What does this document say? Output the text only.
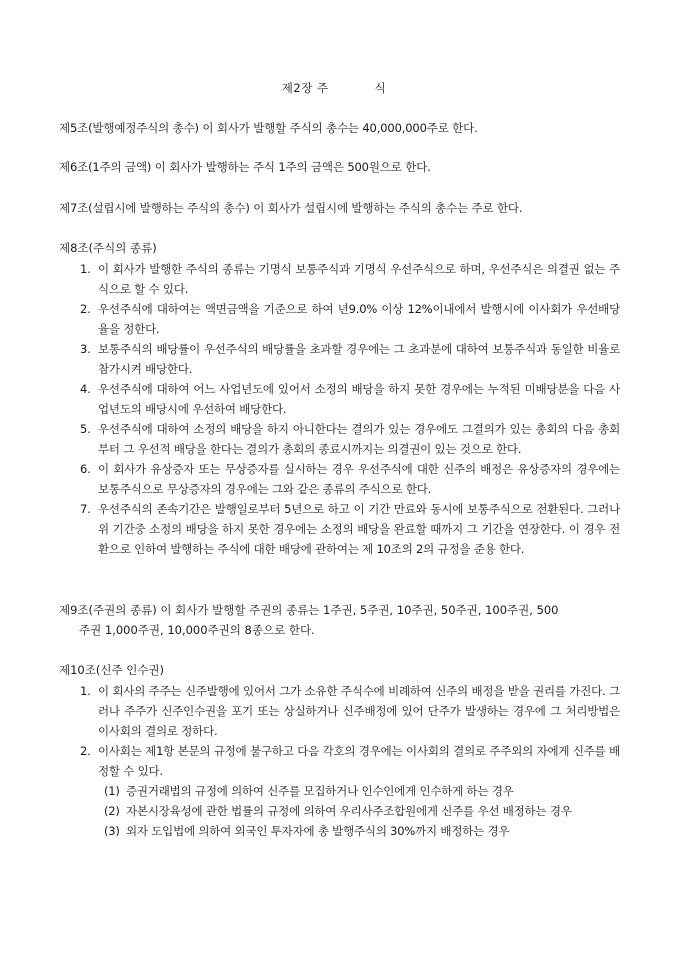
제2장 주	식
제5조(발행예정주식의 총수) 이 회사가 발행할 주식의 총수는 40,000,000주로 한다.
제6조(1주의 금액) 이 회사가 발행하는 주식 1주의 금액은 500원으로 한다.
제7조(설립시에 발행하는 주식의 총수) 이 회사가 설립시에 발행하는 주식의 총수는 주로 한다.
제8조(주식의 종류)
1. 이 회사가 발행한 주식의 종류는 기명식 보통주식과 기명식 우선주식으로 하며, 우선주식은 의결권 없는 주식으로 할 수 있다.
2. 우선주식에 대하여는 액면금액을 기준으로 하여 년9.0% 이상 12%이내에서 발행시에 이사회가 우선배당율을 정한다.
3. 보통주식의 배당률이 우선주식의 배당률을 초과할 경우에는 그 초과분에 대하여 보통주식과 동일한 비율로 참가시켜 배당한다.
4. 우선주식에 대하여 어느 사업년도에 있어서 소정의 배당을 하지 못한 경우에는 누적된 미배당분을 다음 사업년도의 배당시에 우선하여 배당한다.
5. 우선주식에 대하여 소정의 배당을 하지 아니한다는 결의가 있는 경우에도 그결의가 있는 총회의 다음 총회부터 그 우선적 배당을 한다는 결의가 총회의 종료시까지는 의결권이 있는 것으로 한다.
6. 이 회사가 유상증자 또는 무상증자를 실시하는 경우 우선주식에 대한 신주의 배정은 유상증자의 경우에는 보통주식으로 무상증자의 경우에는 그와 같은 종류의 주식으로 한다.
7. 우선주식의 존속기간은 발행일로부터 5년으로 하고 이 기간 만료와 동시에 보통주식으로 전환된다. 그러나 위 기간중 소정의 배당을 하지 못한 경우에는 소정의 배당을 완료할 때까지 그 기간을 연장한다. 이 경우 전환으로 인하여 발행하는 주식에 대한 배당에 관하여는 제 10조의 2의 규정을 준용 한다.
제9조(주권의 종류) 이 회사가 발행할 주권의 종류는 1주권, 5주권, 10주권, 50주권, 100주권, 500
주권 1,000주권, 10,000주권의 8종으로 한다.
제10조(신주 인수권)
1. 이 회사의 주주는 신주발행에 있어서 그가 소유한 주식수에 비례하여 신주의 배정을 받을 권리를 가진다. 그러나 주주가 신주인수권을 포기 또는 상실하거나 신주배정에 있어 단주가 발생하는 경우에 그 처리방법은 이사회의 결의로 정하다.
2. 이사회는 제1항 본문의 규정에 불구하고 다음 각호의 경우에는 이사회의 결의로 주주외의 자에게 신주를 배정할 수 있다.
(1) 증권거래법의 규정에 의하여 신주를 모집하거나 인수인에게 인수하게 하는 경우
(2) 자본시장육성에 관한 법률의 규정에 의하여 우리사주조합원에게 신주를 우선 배정하는 경우
(3) 외자 도입법에 의하여 외국인 투자자에 총 발행주식의 30%까지 배정하는 경우
